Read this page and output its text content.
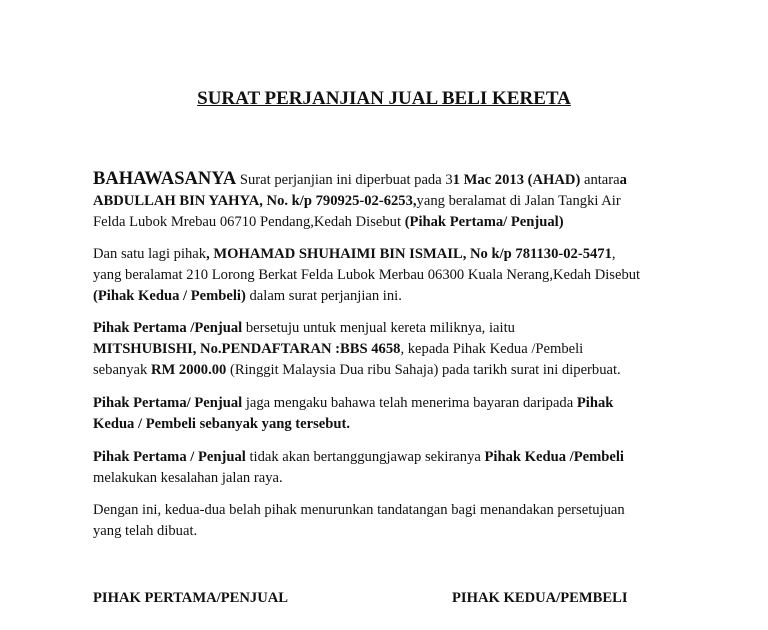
SURAT PERJANJIAN JUAL BELI KERETA
BAHAWASANYA Surat perjanjian ini diperbuat pada 31 Mac 2013 (AHAD) antaraa
ABDULLAH BIN YAHYA, No. k/p 790925-02-6253,yang beralamat di Jalan Tangki Air
Felda Lubok Mrebau 06710 Pendang,Kedah Disebut (Pihak Pertama/ Penjual)
Dan satu lagi pihak, MOHAMAD SHUHAIMI BIN ISMAIL, No k/p 781130-02-5471,
yang beralamat 210 Lorong Berkat Felda Lubok Merbau 06300 Kuala Nerang,Kedah Disebut
(Pihak Kedua / Pembeli) dalam surat perjanjian ini.
Pihak Pertama /Penjual bersetuju untuk menjual kereta miliknya, iaitu
MITSHUBISHI, No.PENDAFTARAN :BBS 4658, kepada Pihak Kedua /Pembeli
sebanyak RM 2000.00 (Ringgit Malaysia Dua ribu Sahaja) pada tarikh surat ini diperbuat.
Pihak Pertama/ Penjual jaga mengaku bahawa telah menerima bayaran daripada Pihak
Kedua / Pembeli sebanyak yang tersebut.
Pihak Pertama / Penjual tidak akan bertanggungjawap sekiranya Pihak Kedua /Pembeli
melakukan kesalahan jalan raya.
Dengan ini, kedua-dua belah pihak menurunkan tandatangan bagi menandakan persetujuan
yang telah dibuat.
PIHAK PERTAMA/PENJUAL	PIHAK KEDUA/PEMBELI
